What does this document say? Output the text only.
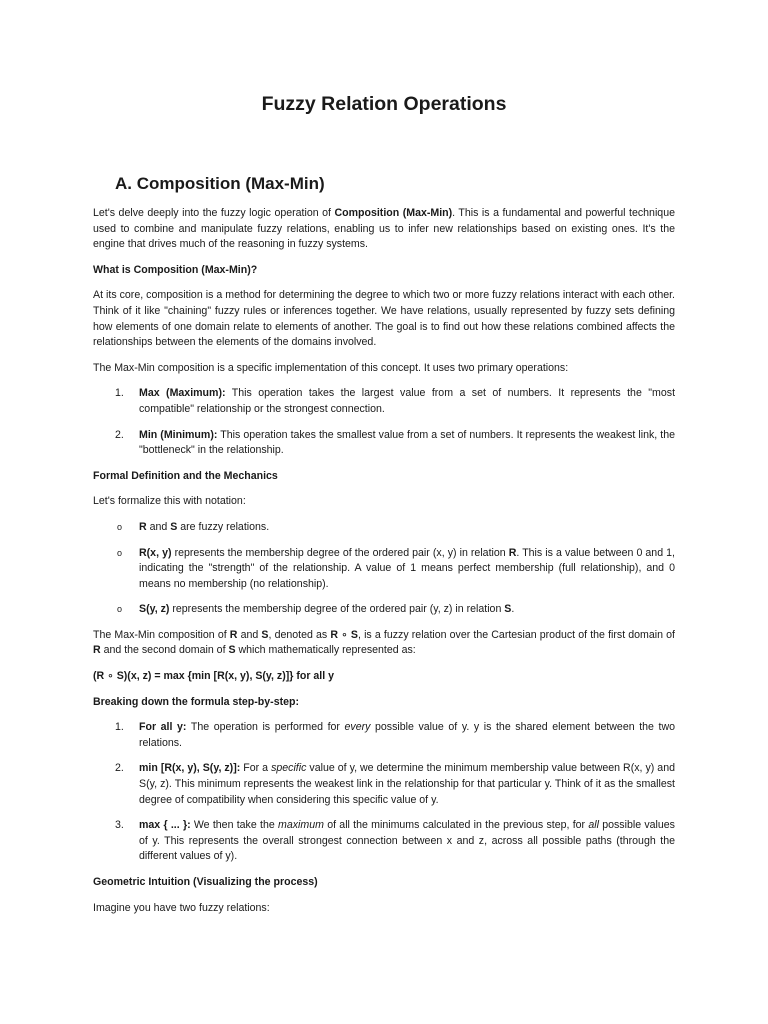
Fuzzy Relation Operations
A. Composition (Max-Min)

Let's delve deeply into the fuzzy logic operation of Composition (Max-Min). This is a fundamental and powerful technique used to combine and manipulate fuzzy relations, enabling us to infer new relationships based on existing ones. It's the engine that drives much of the reasoning in fuzzy systems.

What is Composition (Max-Min)?

At its core, composition is a method for determining the degree to which two or more fuzzy relations interact with each other. Think of it like "chaining" fuzzy rules or inferences together. We have relations, usually represented by fuzzy sets defining how elements of one domain relate to elements of another. The goal is to find out how these relations combined affects the relationships between the elements of the domains involved.

The Max-Min composition is a specific implementation of this concept. It uses two primary operations:

1. Max (Maximum): This operation takes the largest value from a set of numbers. It represents the "most compatible" relationship or the strongest connection.
2. Min (Minimum): This operation takes the smallest value from a set of numbers. It represents the weakest link, the "bottleneck" in the relationship.

Formal Definition and the Mechanics

Let's formalize this with notation:

o R and S are fuzzy relations.
o R(x, y) represents the membership degree of the ordered pair (x, y) in relation R. This is a value between 0 and 1, indicating the "strength" of the relationship. A value of 1 means perfect membership (full relationship), and 0 means no membership (no relationship).
o S(y, z) represents the membership degree of the ordered pair (y, z) in relation S.

The Max-Min composition of R and S, denoted as R ∘ S, is a fuzzy relation over the Cartesian product of the first domain of R and the second domain of S which mathematically represented as:

(R ∘ S)(x, z) = max {min [R(x, y), S(y, z)]} for all y

Breaking down the formula step-by-step:

1. For all y: The operation is performed for every possible value of y. y is the shared element between the two relations.
2. min [R(x, y), S(y, z)]: For a specific value of y, we determine the minimum membership value between R(x, y) and S(y, z). This minimum represents the weakest link in the relationship for that particular y. Think of it as the smallest degree of compatibility when considering this specific value of y.
3. max { ... }: We then take the maximum of all the minimums calculated in the previous step, for all possible values of y. This represents the overall strongest connection between x and z, across all possible paths (through the different values of y).

Geometric Intuition (Visualizing the process)

Imagine you have two fuzzy relations:
